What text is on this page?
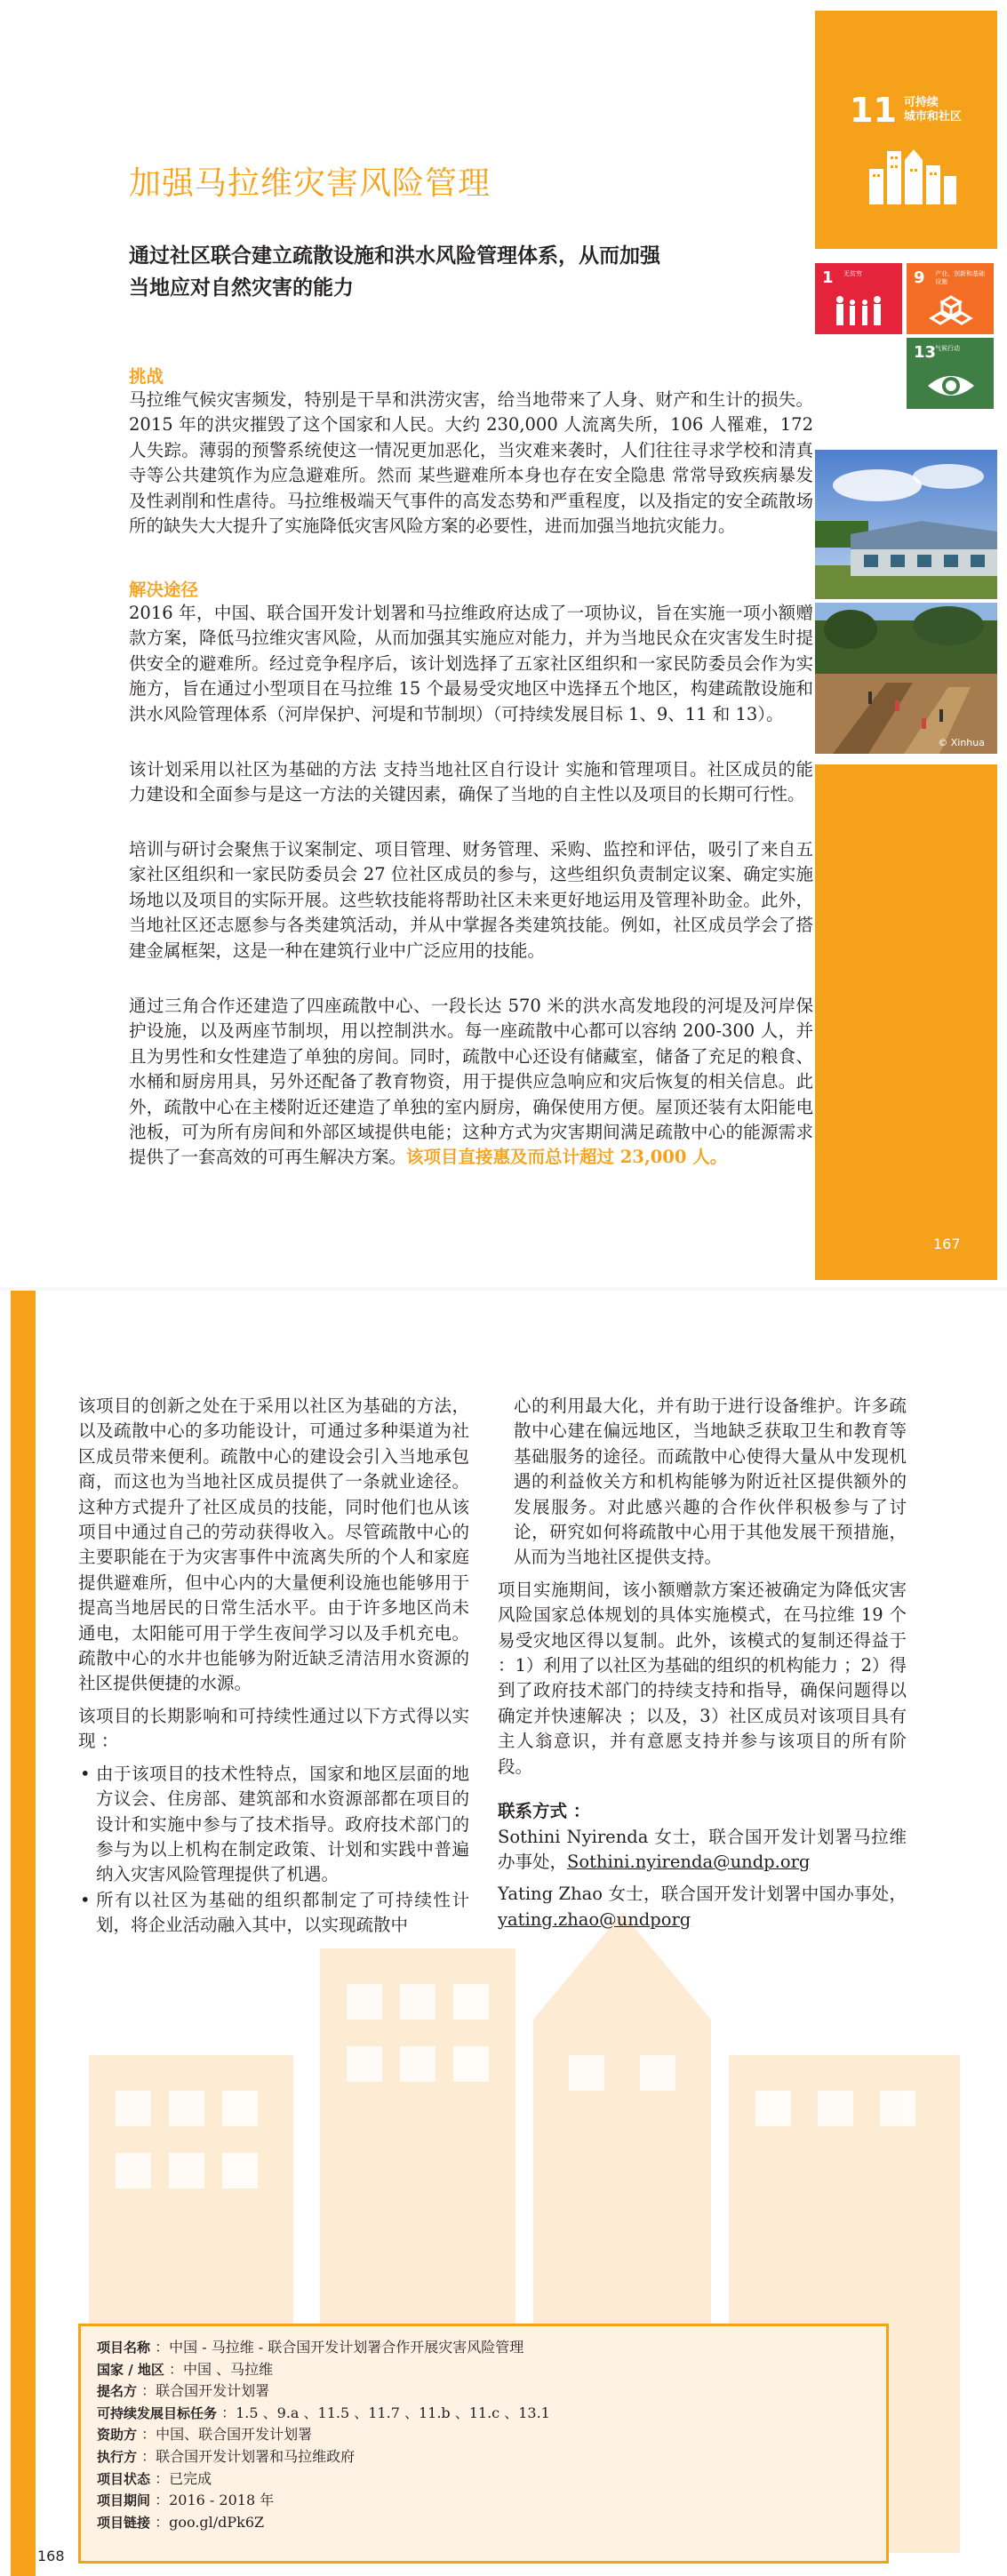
11 可持续
城市和社区
加强马拉维灾害风险管理
通过社区联合建立疏散设施和洪水风险管理体系，从而加强
当地应对自然灾害的能力	1 无贫穷	9 产业、创新和基础设施
13
气候行动
© Xinhua
167
挑战

马拉维气候灾害频发，特别是干旱和洪涝灾害，给当地带来了人身、财产和生计的损失。2015 年的洪灾摧毁了这个国家和人民。大约 230,000 人流离失所，106 人罹难，172 人失踪。薄弱的预警系统使这一情况更加恶化，当灾难来袭时，人们往往寻求学校和清真寺等公共建筑作为应急避难所。然而 某些避难所本身也存在安全隐患 常常导致疾病暴发及性剥削和性虐待。马拉维极端天气事件的高发态势和严重程度，以及指定的安全疏散场所的缺失大大提升了实施降低灾害风险方案的必要性，进而加强当地抗灾能力。

解决途径

2016 年，中国、联合国开发计划署和马拉维政府达成了一项协议，旨在实施一项小额赠款方案，降低马拉维灾害风险，从而加强其实施应对能力，并为当地民众在灾害发生时提供安全的避难所。经过竞争程序后，该计划选择了五家社区组织和一家民防委员会作为实施方，旨在通过小型项目在马拉维 15 个最易受灾地区中选择五个地区，构建疏散设施和洪水风险管理体系（河岸保护、河堤和节制坝）（可持续发展目标 1、9、11 和 13）。

该计划采用以社区为基础的方法 支持当地社区自行设计 实施和管理项目。社区成员的能力建设和全面参与是这一方法的关键因素，确保了当地的自主性以及项目的长期可行性。

培训与研讨会聚焦于议案制定、项目管理、财务管理、采购、监控和评估，吸引了来自五家社区组织和一家民防委员会 27 位社区成员的参与，这些组织负责制定议案、确定实施场地以及项目的实际开展。这些软技能将帮助社区未来更好地运用及管理补助金。此外，当地社区还志愿参与各类建筑活动，并从中掌握各类建筑技能。例如，社区成员学会了搭建金属框架，这是一种在建筑行业中广泛应用的技能。

通过三角合作还建造了四座疏散中心、一段长达 570 米的洪水高发地段的河堤及河岸保护设施，以及两座节制坝，用以控制洪水。每一座疏散中心都可以容纳 200-300 人，并且为男性和女性建造了单独的房间。同时，疏散中心还设有储藏室，储备了充足的粮食、水桶和厨房用具，另外还配备了教育物资，用于提供应急响应和灾后恢复的相关信息。此外，疏散中心在主楼附近还建造了单独的室内厨房，确保使用方便。屋顶还装有太阳能电池板，可为所有房间和外部区域提供电能；这种方式为灾害期间满足疏散中心的能源需求提供了一套高效的可再生解决方案。该项目直接惠及而总计超过 23,000 人。

该项目的创新之处在于采用以社区为基础的方法，以及疏散中心的多功能设计，可通过多种渠道为社区成员带来便利。疏散中心的建设会引入当地承包商，而这也为当地社区成员提供了一条就业途径。这种方式提升了社区成员的技能，同时他们也从该项目中通过自己的劳动获得收入。尽管疏散中心的主要职能在于为灾害事件中流离失所的个人和家庭提供避难所，但中心内的大量便利设施也能够用于提高当地居民的日常生活水平。由于许多地区尚未通电，太阳能可用于学生夜间学习以及手机充电。疏散中心的水井也能够为附近缺乏清洁用水资源的社区提供便捷的水源。

该项目的长期影响和可持续性通过以下方式得以实现 ：

• 由于该项目的技术性特点，国家和地区层面的地方议会、住房部、建筑部和水资源部都在项目的设计和实施中参与了技术指导。政府技术部门的参与为以上机构在制定政策、计划和实践中普遍纳入灾害风险管理提供了机遇。
• 所有以社区为基础的组织都制定了可持续性计划，将企业活动融入其中，以实现疏散中

心的利用最大化，并有助于进行设备维护。许多疏散中心建在偏远地区，当地缺乏获取卫生和教育等基础服务的途径。而疏散中心使得大量从中发现机遇的利益攸关方和机构能够为附近社区提供额外的发展服务。对此感兴趣的合作伙伴积极参与了讨论，研究如何将疏散中心用于其他发展干预措施，从而为当地社区提供支持。

项目实施期间，该小额赠款方案还被确定为降低灾害风险国家总体规划的具体实施模式，在马拉维 19 个易受灾地区得以复制。此外，该模式的复制还得益于 ：1）利用了以社区为基础的组织的机构能力 ；2）得到了政府技术部门的持续支持和指导，确保问题得以确定并快速解决 ；以及，3）社区成员对该项目具有主人翁意识，并有意愿支持并参与该项目的所有阶段。

联系方式 ：

Sothini Nyirenda 女士，联合国开发计划署马拉维办事处，Sothini.nyirenda@undp.org

Yating Zhao 女士，联合国开发计划署中国办事处，yating.zhao@undporg

项目名称 ：中国 - 马拉维 - 联合国开发计划署合作开展灾害风险管理
国家 / 地区 ：中国 、马拉维
提名方 ：联合国开发计划署
可持续发展目标任务 ：1.5 、9.a 、11.5 、11.7 、11.b 、11.c 、13.1
资助方 ：中国、联合国开发计划署
执行方 ：联合国开发计划署和马拉维政府
项目状态 ：已完成
项目期间 ：2016 - 2018 年
项目链接 ：goo.gl/dPk6Z
168
